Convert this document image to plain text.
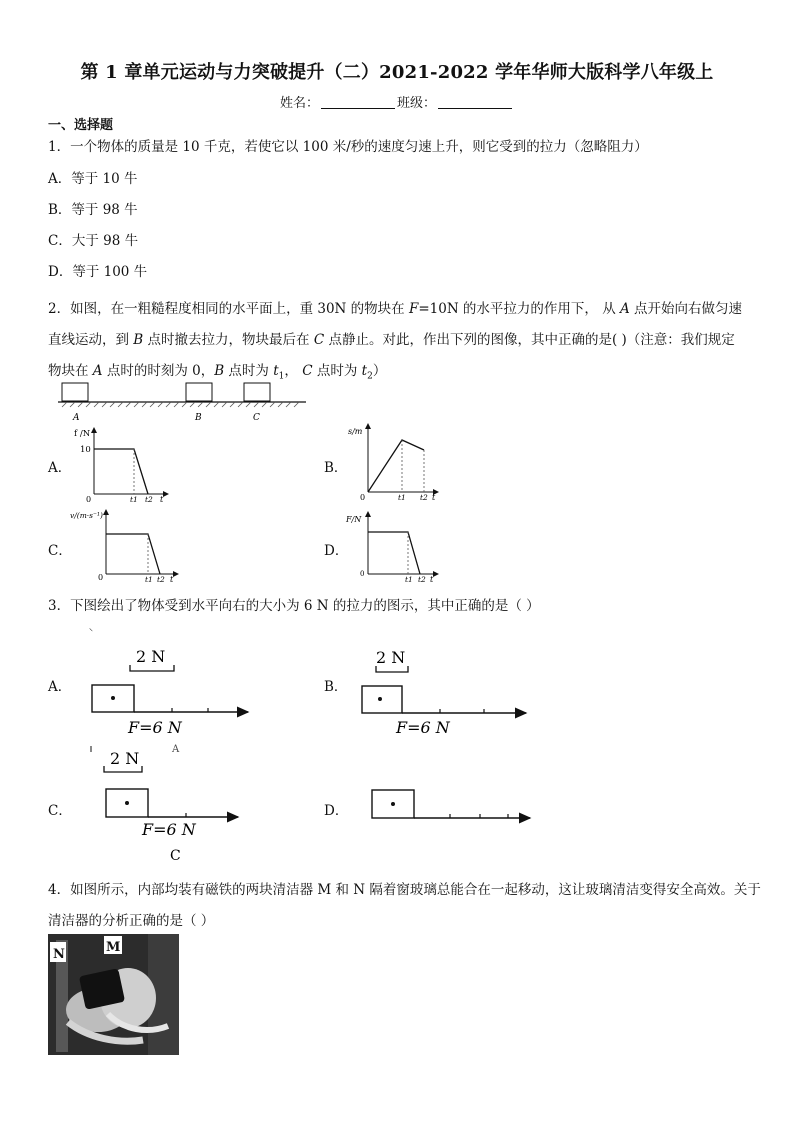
第 1 章单元运动与力突破提升（二）2021-2022 学年华师大版科学八年级上
姓名：	班级：
一、选择题
1．一个物体的质量是 10 千克，若使它以 100 米/秒的速度匀速上升，则它受到的拉力（忽略阻力）
A．等于 10 牛
B．等于 98 牛
C．大于 98 牛
D．等于 100 牛
2．如图，在一粗糙程度相同的水平面上，重 30N 的物块在 F=10N 的水平拉力的作用下， 从 A 点开始向右做匀速直线运动，到 B 点时撤去拉力，物块最后在 C 点静止。对此，作出下列的图像，其中正确的是( )（注意：我们规定物块在 A 点时的时刻为 0，B 点时为 $t_1$， C 点时为 $t_2$）
A	B	C
A．
f /N
10
0	t1 t2 t
B．
s/m
0	t1 t2 t
C．
v/(m·s⁻¹)
0	t1 t2 t
D．
F/N
0
t1 t2 t
3．下图绘出了物体受到水平向右的大小为 6 N 的拉力的图示，其中正确的是（ ）
A．
⸌
2 N
F=6 N
A
B．
2 N
F=6 N
C．
2 N
F=6 N
C
D．
4．如图所示，内部均装有磁铁的两块清洁器 M 和 N 隔着窗玻璃总能合在一起移动，这让玻璃清洁变得安全高效。关于清洁器的分析正确的是（ ）
N	M
